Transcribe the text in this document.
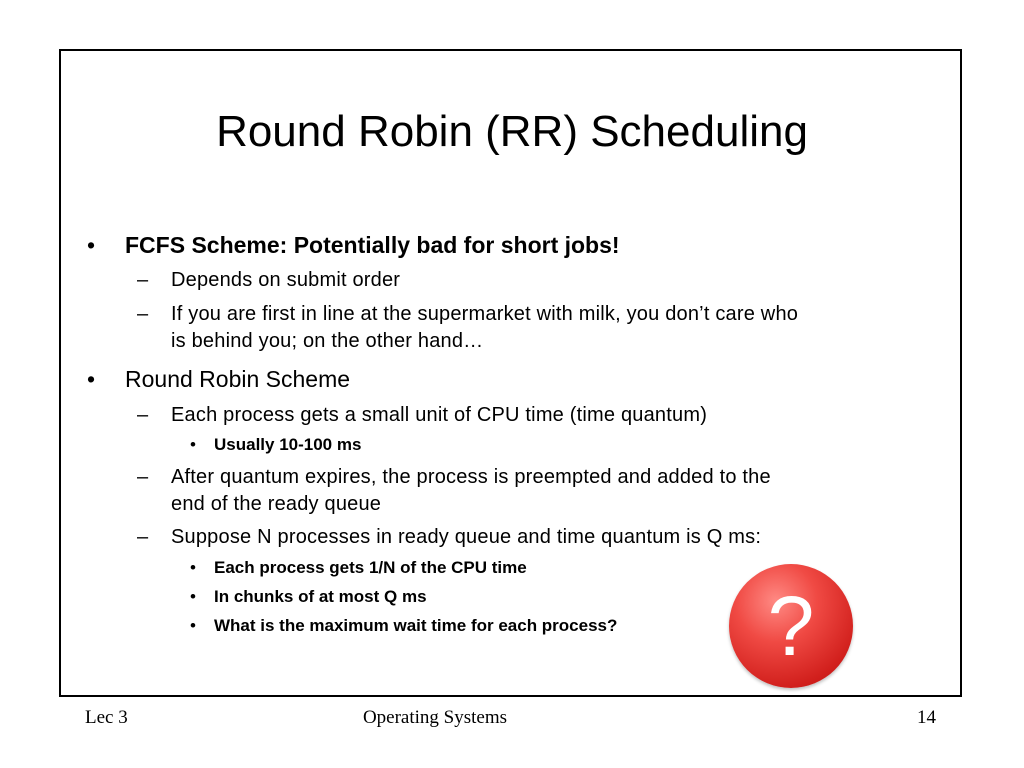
Round Robin (RR) Scheduling
•	FCFS Scheme: Potentially bad for short jobs!
–	Depends on submit order
–	If you are first in line at the supermarket with milk, you don’t care who
is behind you; on the other hand…
•	Round Robin Scheme
–	Each process gets a small unit of CPU time (time quantum)
•	Usually 10-100 ms
–	After quantum expires, the process is preempted and added to the
end of the ready queue
–	Suppose N processes in ready queue and time quantum is Q ms:
•	Each process gets 1/N of the CPU time
•	In chunks of at most Q ms
•	What is the maximum wait time for each process?	?
Lec 3	Operating Systems	14
